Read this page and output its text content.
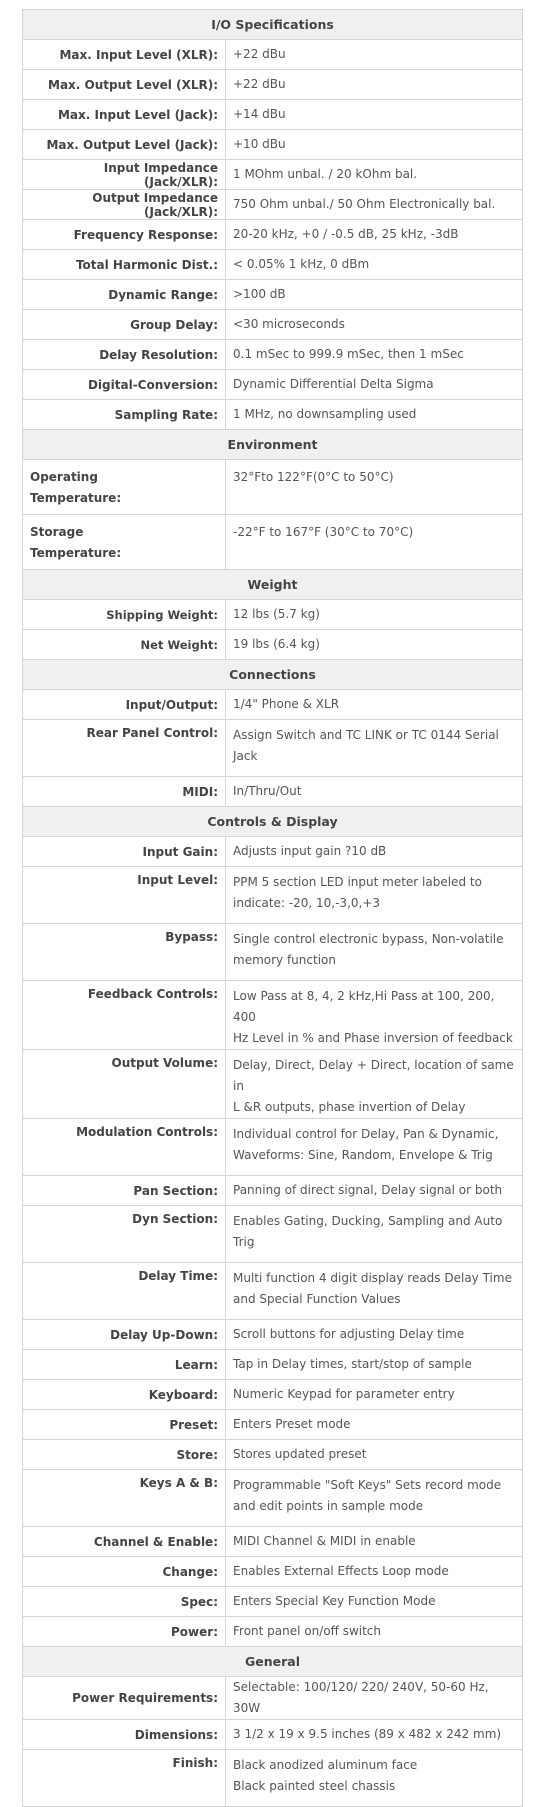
I/O Specifications	
Max. Input Level (XLR):	+22 dBu

Max. Output Level (XLR):	+22 dBu

Max. Input Level (Jack):	+14 dBu

Max. Output Level (Jack):	+10 dBu

Input Impedance (Jack/XLR):	1 MOhm unbal. / 20 kOhm bal.

Output Impedance (Jack/XLR):	750 Ohm unbal./ 50 Ohm Electronically bal.

Frequency Response:	20-20 kHz, +0 / -0.5 dB, 25 kHz, -3dB

Total Harmonic Dist.:	< 0.05% 1 kHz, 0 dBm

Dynamic Range:	>100 dB

Group Delay:	<30 microseconds

Delay Resolution:	0.1 mSec to 999.9 mSec, then 1 mSec

Digital-Conversion:	Dynamic Differential Delta Sigma

Sampling Rate:	1 MHz, no downsampling used

Environment	

Operating
Temperature:	32°Fto 122°F(0°C to 50°C)

Storage
Temperature:	-22°F to 167°F (30°C to 70°C)

Weight	
Shipping Weight:	12 lbs (5.7 kg)

Net Weight:	19 lbs (6.4 kg)

Connections	
Input/Output:	1/4" Phone & XLR

Rear Panel Control:	Assign Switch and TC LINK or TC 0144 Serial
Jack

MIDI:	In/Thru/Out

Controls & Display	
Input Gain:	Adjusts input gain ?10 dB

Input Level:	PPM 5 section LED input meter labeled to
indicate: -20, 10,-3,0,+3

Bypass:	Single control electronic bypass, Non-volatile
memory function

Feedback Controls:	Low Pass at 8, 4, 2 kHz,Hi Pass at 100, 200, 400
Hz Level in % and Phase inversion of feedback

Output Volume:	Delay, Direct, Delay + Direct, location of same in
L &R outputs, phase invertion of Delay

Modulation Controls:	Individual control for Delay, Pan & Dynamic,
Waveforms: Sine, Random, Envelope & Trig

Pan Section:	Panning of direct signal, Delay signal or both

Dyn Section:	Enables Gating, Ducking, Sampling and Auto
Trig

Delay Time:	Multi function 4 digit display reads Delay Time
and Special Function Values

Delay Up-Down:	Scroll buttons for adjusting Delay time

Learn:	Tap in Delay times, start/stop of sample

Keyboard:	Numeric Keypad for parameter entry

Preset:	Enters Preset mode

Store:	Stores updated preset

Keys A & B:	Programmable "Soft Keys" Sets record mode
and edit points in sample mode

Channel & Enable:	MIDI Channel & MIDI in enable

Change:	Enables External Effects Loop mode

Spec:	Enters Special Key Function Mode

Power:	Front panel on/off switch

General	
Power Requirements:	Selectable: 100/120/ 220/ 240V, 50-60 Hz, 30W

Dimensions:	3 1/2 x 19 x 9.5 inches (89 x 482 x 242 mm)

Finish:	Black anodized aluminum face
Black painted steel chassis
